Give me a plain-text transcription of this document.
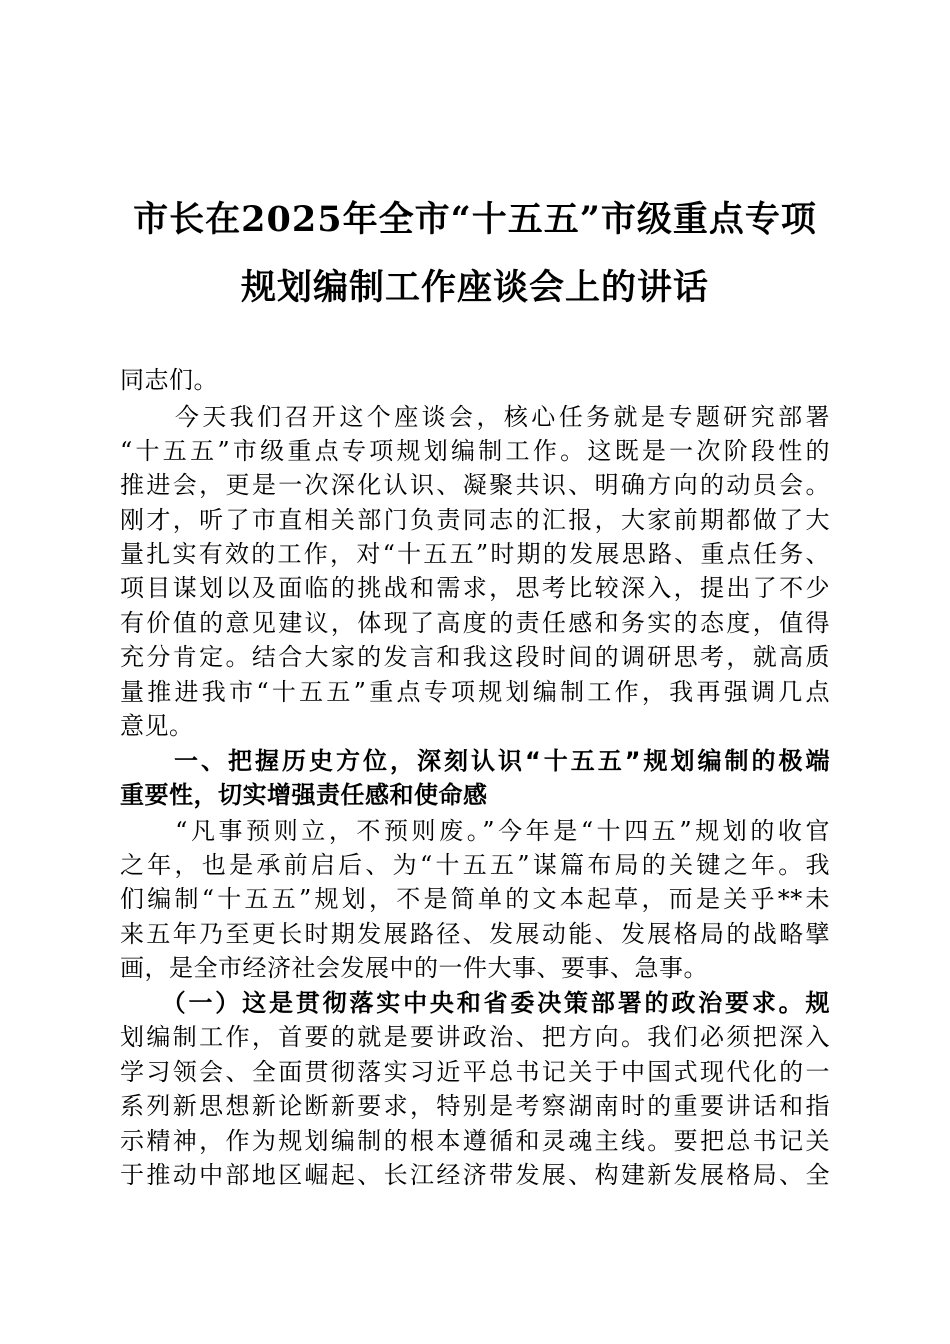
市长在2025年全市“十五五”市级重点专项
规划编制工作座谈会上的讲话
同志们。
　　今天我们召开这个座谈会，核心任务就是专题研究部署
“十五五”市级重点专项规划编制工作。这既是一次阶段性的
推进会，更是一次深化认识、凝聚共识、明确方向的动员会。
刚才，听了市直相关部门负责同志的汇报，大家前期都做了大
量扎实有效的工作，对“十五五”时期的发展思路、重点任务、
项目谋划以及面临的挑战和需求，思考比较深入，提出了不少
有价值的意见建议，体现了高度的责任感和务实的态度，值得
充分肯定。结合大家的发言和我这段时间的调研思考，就高质
量推进我市“十五五”重点专项规划编制工作，我再强调几点
意见。
　　一、把握历史方位，深刻认识“十五五”规划编制的极端
重要性，切实增强责任感和使命感
　　“凡事预则立，不预则废。”今年是“十四五”规划的收官
之年，也是承前启后、为“十五五”谋篇布局的关键之年。我
们编制“十五五”规划，不是简单的文本起草，而是关乎**未
来五年乃至更长时期发展路径、发展动能、发展格局的战略擘
画，是全市经济社会发展中的一件大事、要事、急事。
　　（一）这是贯彻落实中央和省委决策部署的政治要求。规
划编制工作，首要的就是要讲政治、把方向。我们必须把深入
学习领会、全面贯彻落实习近平总书记关于中国式现代化的一
系列新思想新论断新要求，特别是考察湖南时的重要讲话和指
示精神，作为规划编制的根本遵循和灵魂主线。要把总书记关
于推动中部地区崛起、长江经济带发展、构建新发展格局、全
